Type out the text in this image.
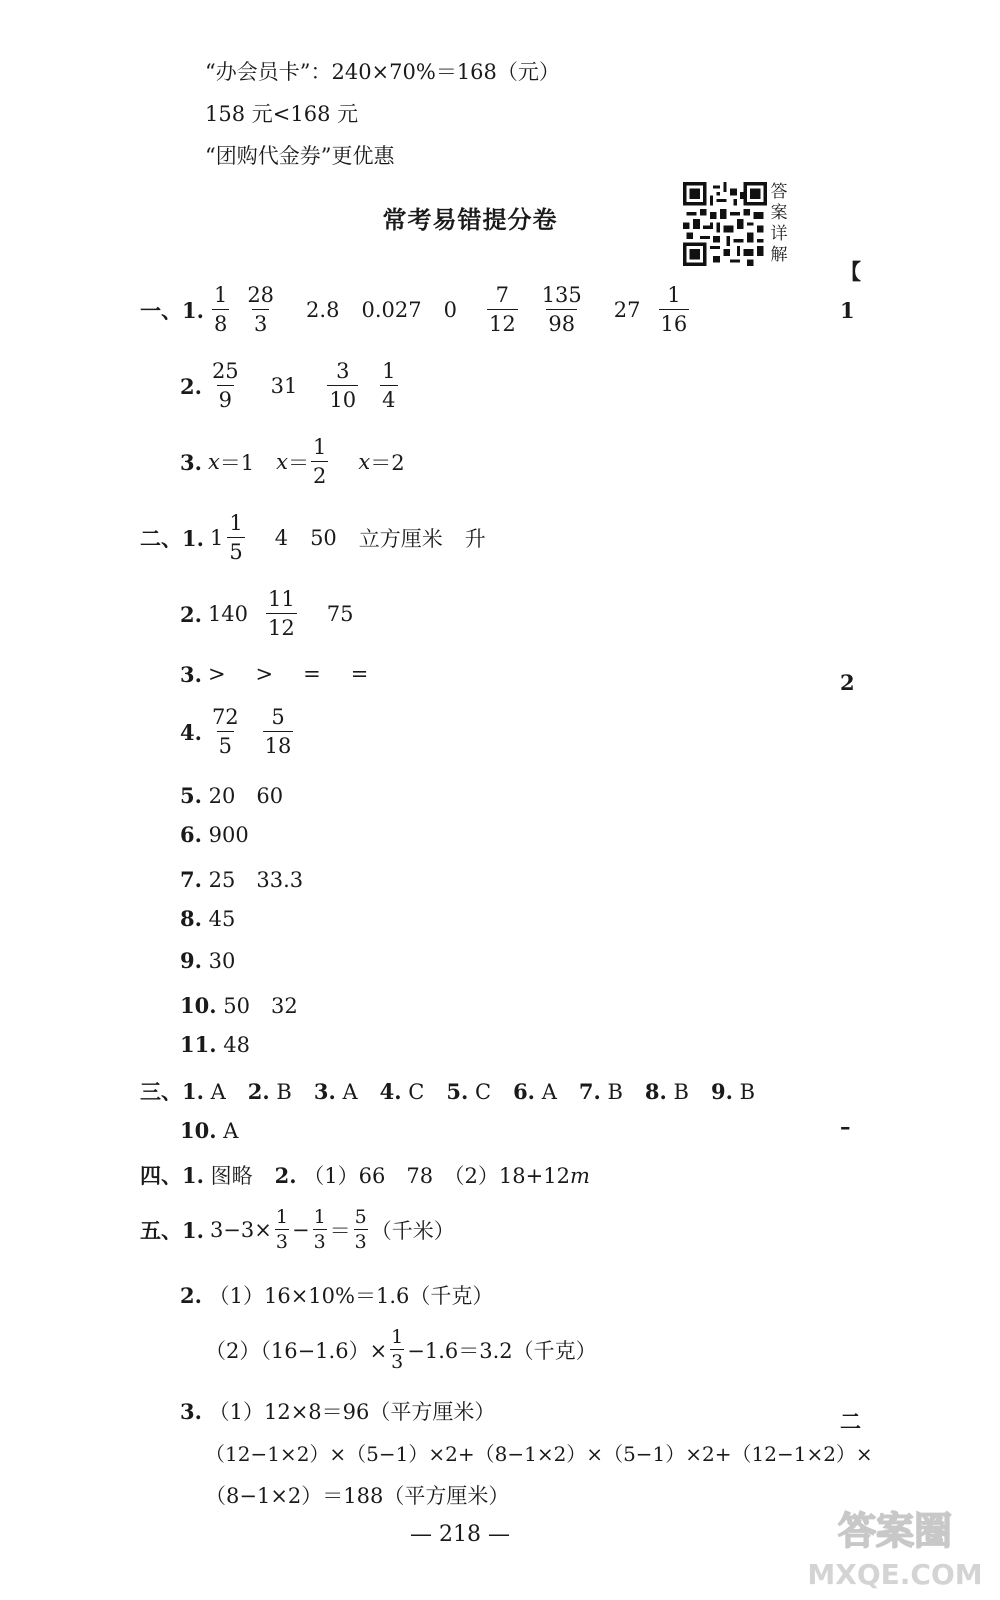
“办会员卡”：240×70%＝168（元）
158 元<168 元
“团购代金券”更优惠
常考易错提分卷
答案详解
一、 1. $\frac{1}{8} \frac{28}{3} 2.8$ 0.027 $0 \frac{7}{12} \frac{135}{98} 27 \frac{1}{16}$
2. $\frac{25}{9} 31 \frac{3}{10} \frac{1}{4}$
3. x ＝1 $x = \frac{1}{2}$ x ＝2
二、 1. $1 \frac{1}{5} 4$ 50 立方厘米 升
2. $140 \frac{11}{12} 75$
3. > > = =
4. $\frac{72}{5} \frac{5}{18}$
5. 20　60
6. 900
7. 25　33.3
8. 45
9. 30
10. 50　32
11. 48
三、1. A 2. B 3. A 4. C 5. C 6. A 7. B 8. B 9. B
10. A
四、1. 图略 2. （1）66　78　（2）18+12m
五、 1. $3-3\times \frac{1}{3} - \frac{1}{3}$ ＝
5
3 （千米）
2. （1）16×10%＝1.6（千克）
$(2)(16-1.6)\times \frac{1}{3} -1.6=3.2$（千克）
3. （1）12×8＝96（平方厘米）
（12−1×2）×（5−1）×2+（8−1×2）×（5−1）×2+（12−1×2）×
（8−1×2）＝188（平方厘米）
— 218 —
【
1
2
–
二
答案圈
MXQE.COM
